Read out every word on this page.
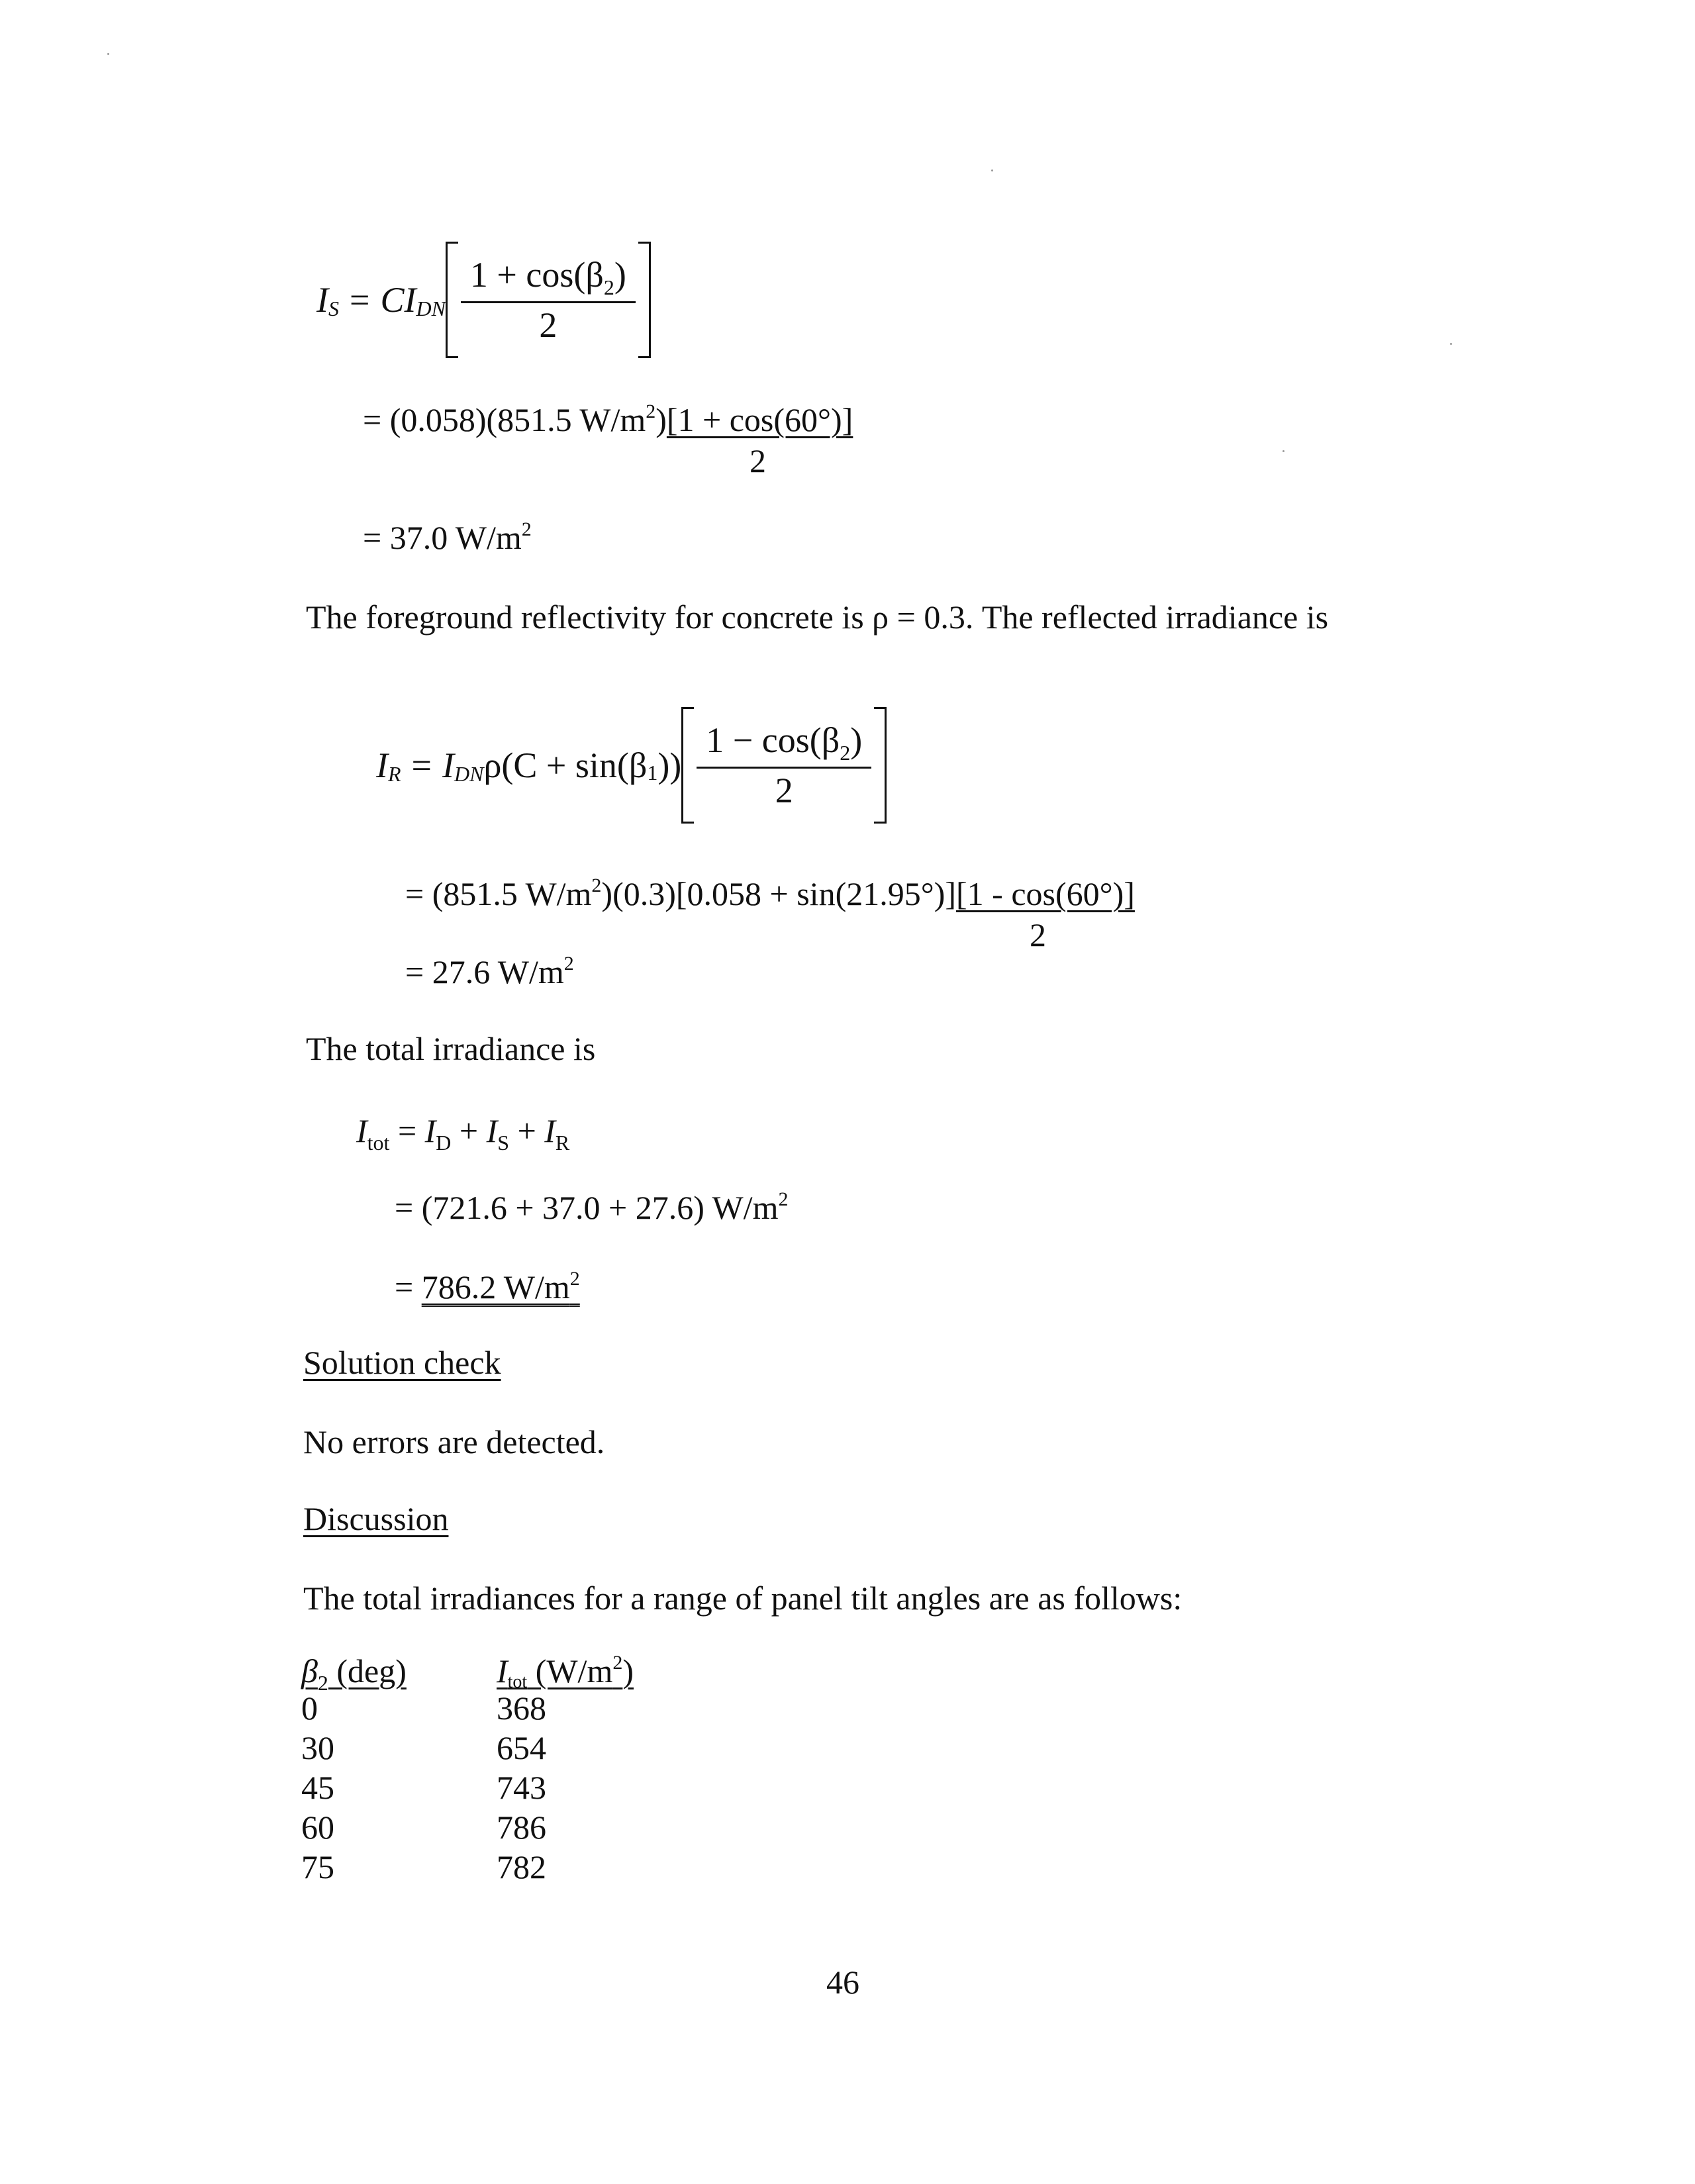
I S = CI DN $\frac{1 + \cos(\beta_2)}{2}$
= (0.058)(851.5 $W/m^2)[1 + \cos(60^\circ)]$
2
= 37.0 $W/m^2$
The foreground reflectivity for concrete is ρ = 0.3. The reflected irradiance is
I R = I DN ρ(C + sin(β 1 )) $\frac{1 - \cos(\beta_2)}{2}$
= (851.5 $W/m^2)(0.3)[0.058 + \sin(21.95^\circ)][1 - \cos(60^\circ)]$
2
= 27.6 $W/m^2$
The total irradiance is
$I_{tot} = I_D + I_S + I_R$
= (721.6 + 37.0 + 27.6) $W/m^2$
= 786.2 $W/m^2$
Solution check
No errors are detected.
Discussion
The total irradiances for a range of panel tilt angles are as follows:
$\beta_2$ (deg)	Itot $(W/m^2)$
0	368
30	654
45	743
60	786
75	782
46
